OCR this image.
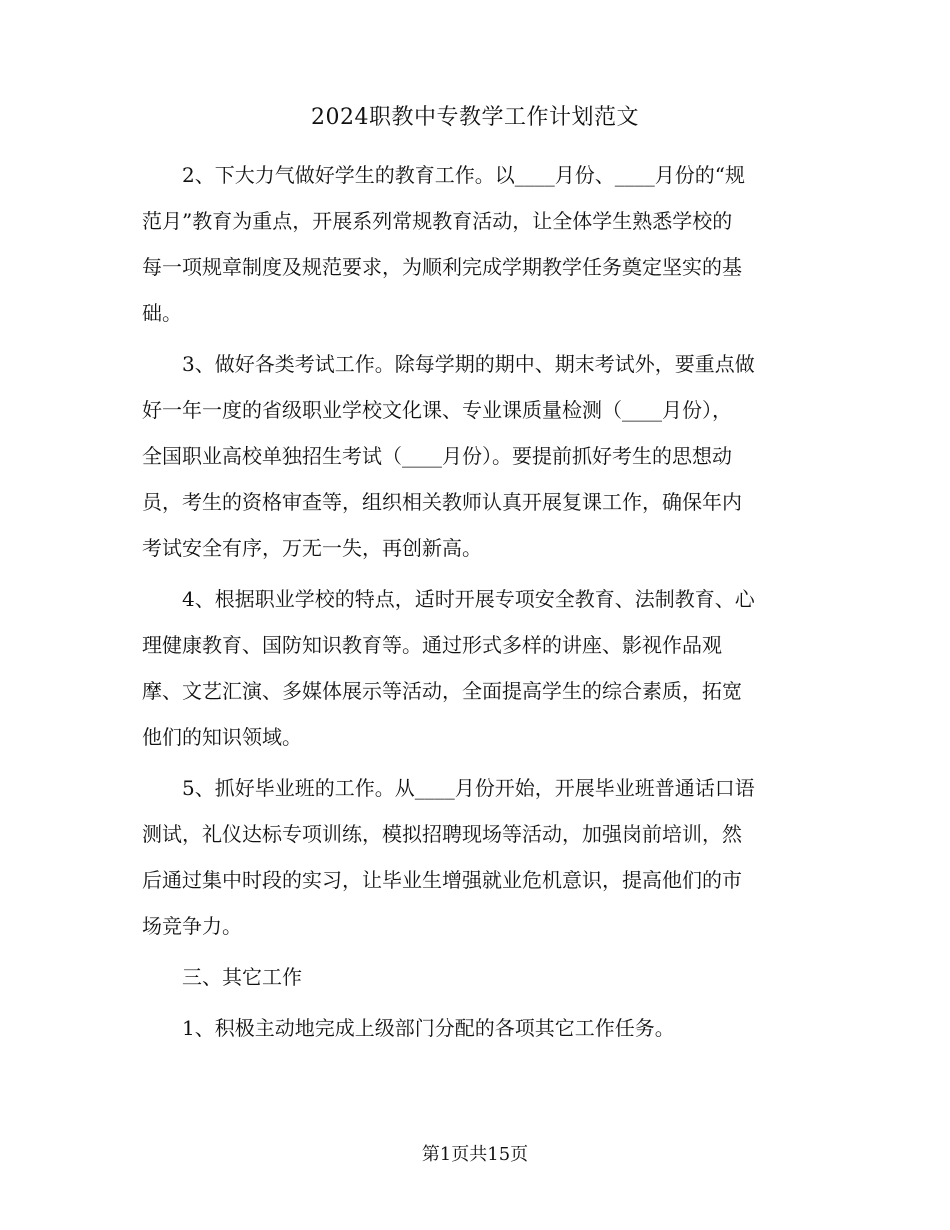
2024职教中专教学工作计划范文
　　2、下大力气做好学生的教育工作。以____月份、____月份的“规
范月”教育为重点，开展系列常规教育活动，让全体学生熟悉学校的
每一项规章制度及规范要求，为顺利完成学期教学任务奠定坚实的基
础。
　　3、做好各类考试工作。除每学期的期中、期末考试外，要重点做
好一年一度的省级职业学校文化课、专业课质量检测（____月份），
全国职业高校单独招生考试（____月份）。要提前抓好考生的思想动
员，考生的资格审查等，组织相关教师认真开展复课工作，确保年内
考试安全有序，万无一失，再创新高。
　　4、根据职业学校的特点，适时开展专项安全教育、法制教育、心
理健康教育、国防知识教育等。通过形式多样的讲座、影视作品观
摩、文艺汇演、多媒体展示等活动，全面提高学生的综合素质，拓宽
他们的知识领域。
　　5、抓好毕业班的工作。从____月份开始，开展毕业班普通话口语
测试，礼仪达标专项训练，模拟招聘现场等活动，加强岗前培训，然
后通过集中时段的实习，让毕业生增强就业危机意识，提高他们的市
场竞争力。
　　三、其它工作
　　1、积极主动地完成上级部门分配的各项其它工作任务。
第1页共15页
